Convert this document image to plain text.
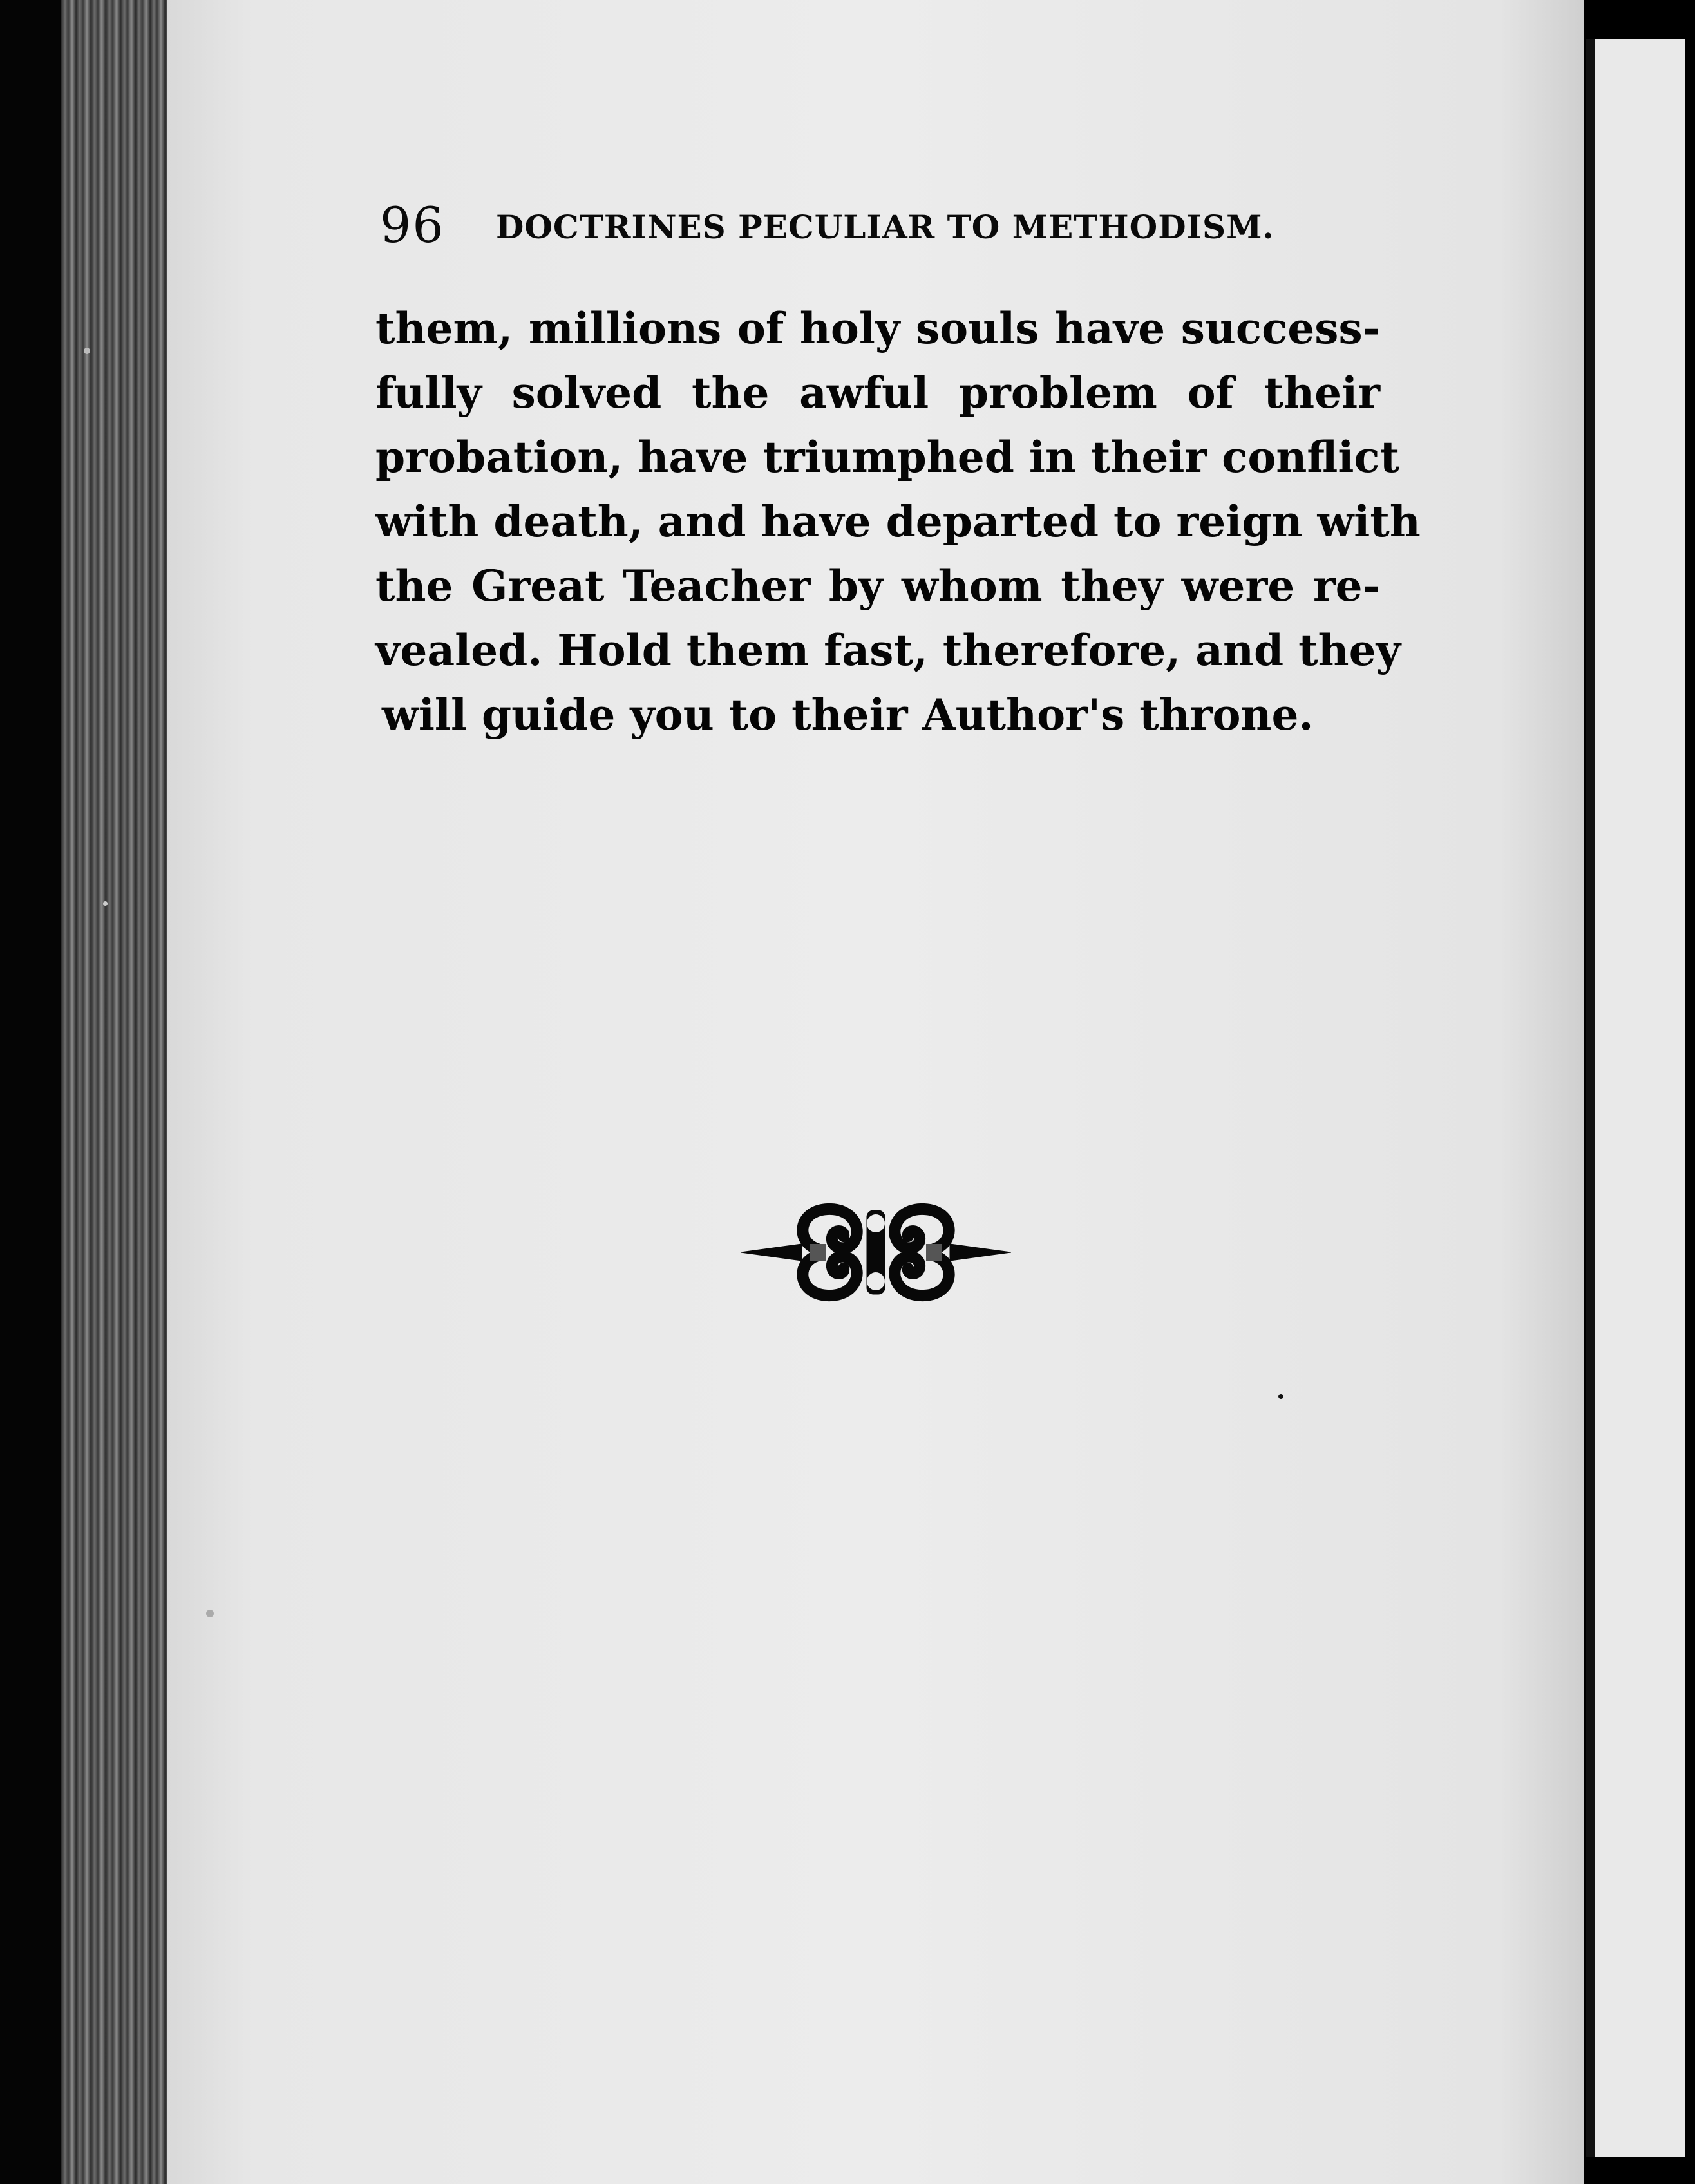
96 DOCTRINES PECULIAR TO METHODISM.
them, millions of holy souls have success-
fully solved the awful problem of their
probation, have triumphed in their conflict
with death, and have departed to reign with
the Great Teacher by whom they were re-
vealed. Hold them fast, therefore, and they
will guide you to their Author's throne.
